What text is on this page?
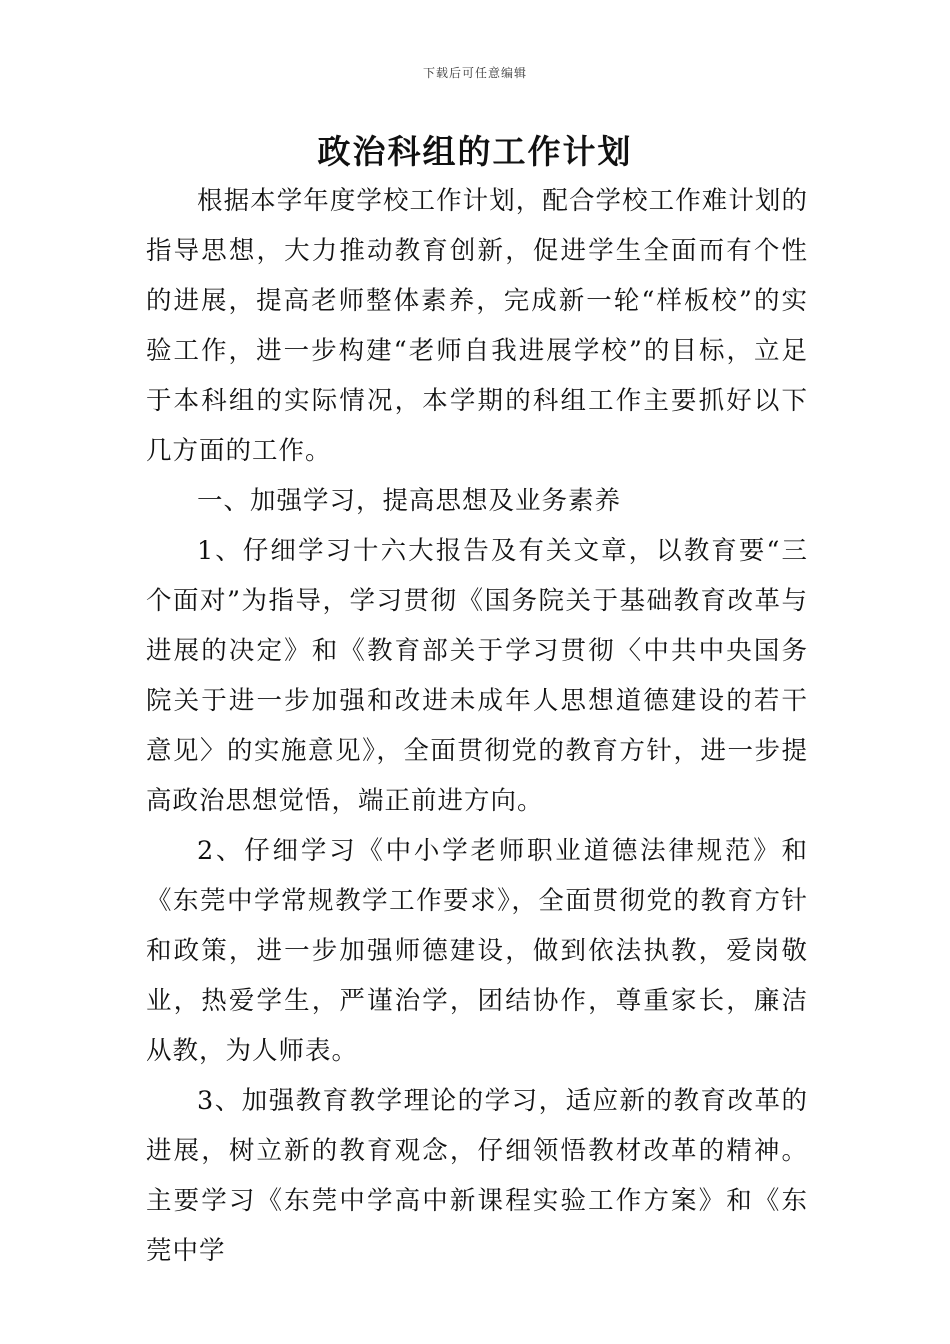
下载后可任意编辑
政治科组的工作计划

根据本学年度学校工作计划，配合学校工作难计划的指导思想，大力推动教育创新，促进学生全面而有个性的进展，提高老师整体素养，完成新一轮“样板校”的实验工作，进一步构建“老师自我进展学校”的目标，立足于本科组的实际情况，本学期的科组工作主要抓好以下几方面的工作。

一、加强学习，提高思想及业务素养

1、仔细学习十六大报告及有关文章，以教育要“三个面对”为指导，学习贯彻《国务院关于基础教育改革与进展的决定》和《教育部关于学习贯彻〈中共中央国务院关于进一步加强和改进未成年人思想道德建设的若干意见〉的实施意见》，全面贯彻党的教育方针，进一步提高政治思想觉悟，端正前进方向。

2、仔细学习《中小学老师职业道德法律规范》和《东莞中学常规教学工作要求》，全面贯彻党的教育方针和政策，进一步加强师德建设，做到依法执教，爱岗敬业，热爱学生，严谨治学，团结协作，尊重家长，廉洁从教，为人师表。

3、加强教育教学理论的学习，适应新的教育改革的进展，树立新的教育观念，仔细领悟教材改革的精神。主要学习《东莞中学高中新课程实验工作方案》和《东莞中学
